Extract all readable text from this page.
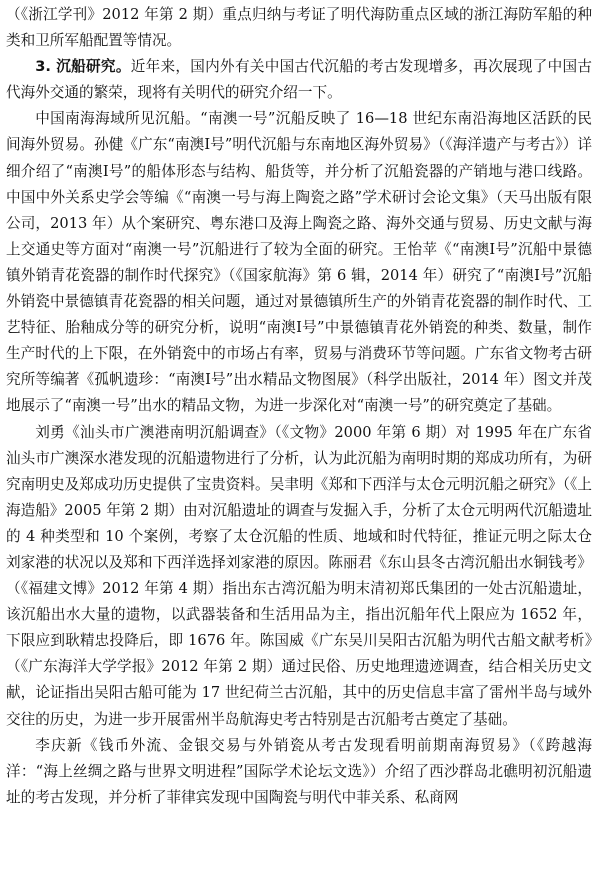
（《浙江学刊》2012 年第 2 期）重点归纳与考证了明代海防重点区域的浙江海防军船的种类和卫所军船配置等情况。

3. 沉船研究。近年来，国内外有关中国古代沉船的考古发现增多，再次展现了中国古代海外交通的繁荣，现将有关明代的研究介绍一下。

中国南海海域所见沉船。“南澳一号”沉船反映了 16—18 世纪东南沿海地区活跃的民间海外贸易。孙健《广东“南澳Ⅰ号”明代沉船与东南地区海外贸易》（《海洋遗产与考古》）详细介绍了“南澳Ⅰ号”的船体形态与结构、船货等，并分析了沉船瓷器的产销地与港口线路。中国中外关系史学会等编《“南澳一号与海上陶瓷之路”学术研讨会论文集》（天马出版有限公司，2013 年）从个案研究、粤东港口及海上陶瓷之路、海外交通与贸易、历史文献与海上交通史等方面对“南澳一号”沉船进行了较为全面的研究。王怡苹《“南澳Ⅰ号”沉船中景德镇外销青花瓷器的制作时代探究》（《国家航海》第 6 辑，2014 年）研究了“南澳Ⅰ号”沉船外销瓷中景德镇青花瓷器的相关问题，通过对景德镇所生产的外销青花瓷器的制作时代、工艺特征、胎釉成分等的研究分析，说明“南澳Ⅰ号”中景德镇青花外销瓷的种类、数量，制作生产时代的上下限，在外销瓷中的市场占有率，贸易与消费环节等问题。广东省文物考古研究所等编著《孤帆遗珍：“南澳Ⅰ号”出水精品文物图展》（科学出版社，2014 年）图文并茂地展示了“南澳一号”出水的精品文物，为进一步深化对“南澳一号”的研究奠定了基础。

刘勇《汕头市广澳港南明沉船调查》（《文物》2000 年第 6 期）对 1995 年在广东省汕头市广澳深水港发现的沉船遗物进行了分析，认为此沉船为南明时期的郑成功所有，为研究南明史及郑成功历史提供了宝贵资料。吴聿明《郑和下西洋与太仓元明沉船之研究》（《上海造船》2005 年第 2 期）由对沉船遗址的调查与发掘入手，分析了太仓元明两代沉船遗址的 4 种类型和 10 个案例，考察了太仓沉船的性质、地域和时代特征，推证元明之际太仓刘家港的状况以及郑和下西洋选择刘家港的原因。陈丽君《东山县冬古湾沉船出水铜钱考》（《福建文博》2012 年第 4 期）指出东古湾沉船为明末清初郑氏集团的一处古沉船遗址，该沉船出水大量的遗物，以武器装备和生活用品为主，指出沉船年代上限应为 1652 年，下限应到耿精忠投降后，即 1676 年。陈国威《广东吴川吴阳古沉船为明代古船文献考析》（《广东海洋大学学报》2012 年第 2 期）通过民俗、历史地理遗迹调查，结合相关历史文献，论证指出吴阳古船可能为 17 世纪荷兰古沉船，其中的历史信息丰富了雷州半岛与域外交往的历史，为进一步开展雷州半岛航海史考古特别是古沉船考古奠定了基础。

李庆新《钱币外流、金银交易与外销瓷从考古发现看明前期南海贸易》（《跨越海洋：“海上丝绸之路与世界文明进程”国际学术论坛文选》）介绍了西沙群岛北礁明初沉船遗址的考古发现，并分析了菲律宾发现中国陶瓷与明代中菲关系、私商网
